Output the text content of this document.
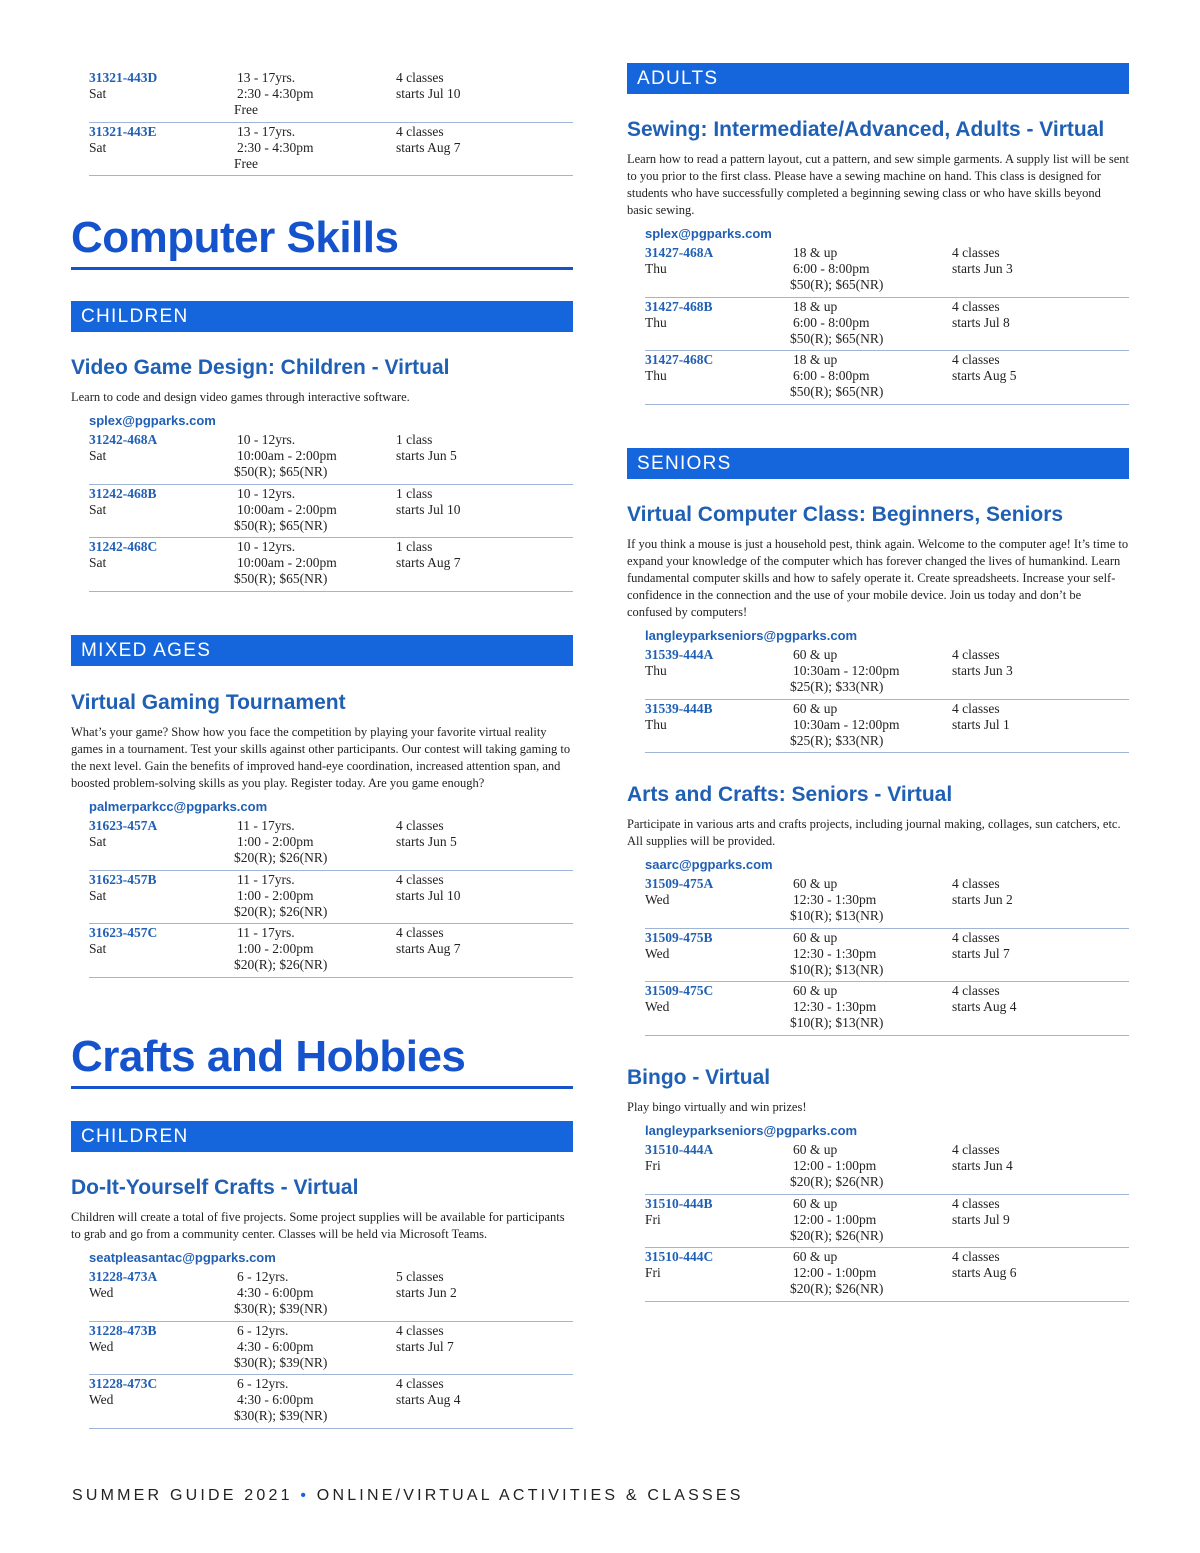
31321-443D
Sat
13 - 17yrs.
2:30 - 4:30pm
Free
4 classes
starts Jul 10
31321-443E
Sat
13 - 17yrs.
2:30 - 4:30pm
Free
4 classes
starts Aug 7
Computer Skills
CHILDREN
Video Game Design: Children - Virtual
Learn to code and design video games through interactive software.
splex@pgparks.com
31242-468A
Sat
10 - 12yrs.
10:00am - 2:00pm
$50(R); $65(NR)
1 class
starts Jun 5
31242-468B
Sat
10 - 12yrs.
10:00am - 2:00pm
$50(R); $65(NR)
1 class
starts Jul 10
31242-468C
Sat
10 - 12yrs.
10:00am - 2:00pm
$50(R); $65(NR)
1 class
starts Aug 7
MIXED AGES
Virtual Gaming Tournament
What’s your game? Show how you face the competition by playing your favorite virtual reality games in a tournament. Test your skills against other participants. Our contest will taking gaming to the next level. Gain the benefits of improved hand-eye coordination, increased attention span, and boosted problem-solving skills as you play. Register today. Are you game enough?
palmerparkcc@pgparks.com
31623-457A
Sat
11 - 17yrs.
1:00 - 2:00pm
$20(R); $26(NR)
4 classes
starts Jun 5
31623-457B
Sat
11 - 17yrs.
1:00 - 2:00pm
$20(R); $26(NR)
4 classes
starts Jul 10
31623-457C
Sat
11 - 17yrs.
1:00 - 2:00pm
$20(R); $26(NR)
4 classes
starts Aug 7
Crafts and Hobbies
CHILDREN
Do-It-Yourself Crafts - Virtual
Children will create a total of five projects. Some project supplies will be available for participants to grab and go from a community center. Classes will be held via Microsoft Teams.
seatpleasantac@pgparks.com
31228-473A
Wed
6 - 12yrs.
4:30 - 6:00pm
$30(R); $39(NR)
5 classes
starts Jun 2
31228-473B
Wed
6 - 12yrs.
4:30 - 6:00pm
$30(R); $39(NR)
4 classes
starts Jul 7
31228-473C
Wed
6 - 12yrs.
4:30 - 6:00pm
$30(R); $39(NR)
4 classes
starts Aug 4
ADULTS
Sewing: Intermediate/Advanced, Adults - Virtual
Learn how to read a pattern layout, cut a pattern, and sew simple garments. A supply list will be sent to you prior to the first class. Please have a sewing machine on hand. This class is designed for students who have successfully completed a beginning sewing class or who have skills beyond basic sewing.
splex@pgparks.com
31427-468A
Thu
18 & up
6:00 - 8:00pm
$50(R); $65(NR)
4 classes
starts Jun 3
31427-468B
Thu
18 & up
6:00 - 8:00pm
$50(R); $65(NR)
4 classes
starts Jul 8
31427-468C
Thu
18 & up
6:00 - 8:00pm
$50(R); $65(NR)
4 classes
starts Aug 5
SENIORS
Virtual Computer Class: Beginners, Seniors
If you think a mouse is just a household pest, think again. Welcome to the computer age! It’s time to expand your knowledge of the computer which has forever changed the lives of humankind. Learn fundamental computer skills and how to safely operate it. Create spreadsheets. Increase your self-confidence in the connection and the use of your mobile device. Join us today and don’t be confused by computers!
langleyparkseniors@pgparks.com
31539-444A
Thu
60 & up
10:30am - 12:00pm
$25(R); $33(NR)
4 classes
starts Jun 3
31539-444B
Thu
60 & up
10:30am - 12:00pm
$25(R); $33(NR)
4 classes
starts Jul 1
Arts and Crafts: Seniors - Virtual
Participate in various arts and crafts projects, including journal making, collages, sun catchers, etc. All supplies will be provided.
saarc@pgparks.com
31509-475A
Wed
60 & up
12:30 - 1:30pm
$10(R); $13(NR)
4 classes
starts Jun 2
31509-475B
Wed
60 & up
12:30 - 1:30pm
$10(R); $13(NR)
4 classes
starts Jul 7
31509-475C
Wed
60 & up
12:30 - 1:30pm
$10(R); $13(NR)
4 classes
starts Aug 4
Bingo - Virtual
Play bingo virtually and win prizes!
langleyparkseniors@pgparks.com
31510-444A
Fri
60 & up
12:00 - 1:00pm
$20(R); $26(NR)
4 classes
starts Jun 4
31510-444B
Fri
60 & up
12:00 - 1:00pm
$20(R); $26(NR)
4 classes
starts Jul 9
31510-444C
Fri
60 & up
12:00 - 1:00pm
$20(R); $26(NR)
4 classes
starts Aug 6
SUMMER GUIDE 2021 • ONLINE/VIRTUAL ACTIVITIES & CLASSES
